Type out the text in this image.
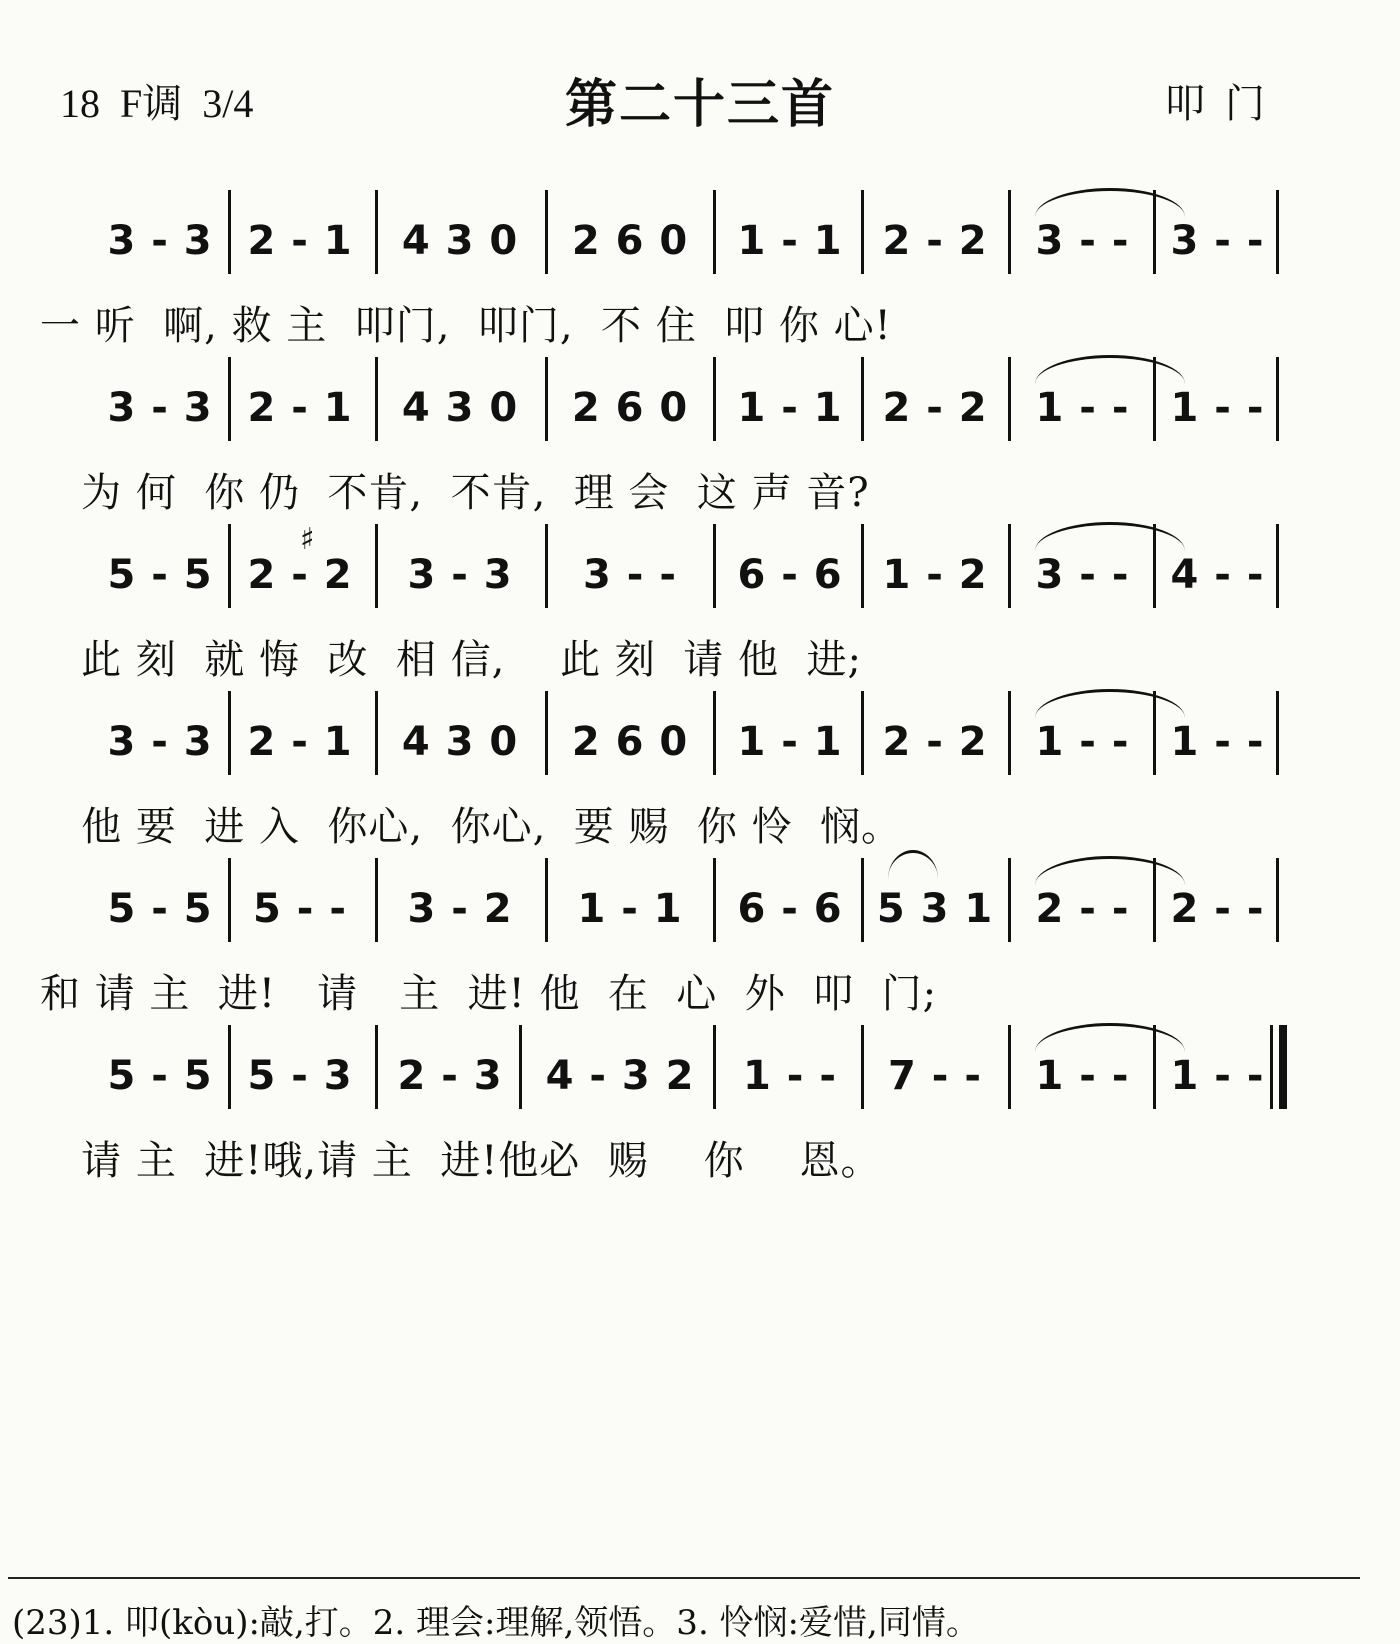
18  F调  3/4	第二十三首	叩门
3 - 3 2 - 1 4 3 0 2 6 0 1 - 1 2 - 2	3 - -	3 - -
一 听  啊, 救 主  叩门,  叩门,  不 住  叩 你 心!
3 - 3 2 - 1 4 3 0 2 6 0 1 - 1 2 - 2	1 - -	1 - -
为 何  你 仍  不肯,  不肯,  理 会  这 声 音?
5 - 5
♯
2 - 2	3 - 3	3 - -	6 - 6 1 - 2	3 - -	4 - -
此 刻  就 悔  改  相 信,    此 刻  请 他  进;
3 - 3 2 - 1 4 3 0 2 6 0 1 - 1 2 - 2	1 - -	1 - -
他 要  进 入  你心,  你心,  要 赐  你 怜  悯。
5 - 5	5 - -	3 - 2	1 - 1	6 - 6 5 3 1	2 - -	2 - -
和 请 主  进!   请   主  进! 他  在  心  外  叩  门;
5 - 5 5 - 3 2 - 3 4 - 3 2	1 - -	7 - -	1 - -	1 - -
请 主  进!哦,请 主  进!他必  赐    你    恩。
(23)1. 叩(kòu):敲,打。2. 理会:理解,领悟。3. 怜悯:爱惜,同情。
